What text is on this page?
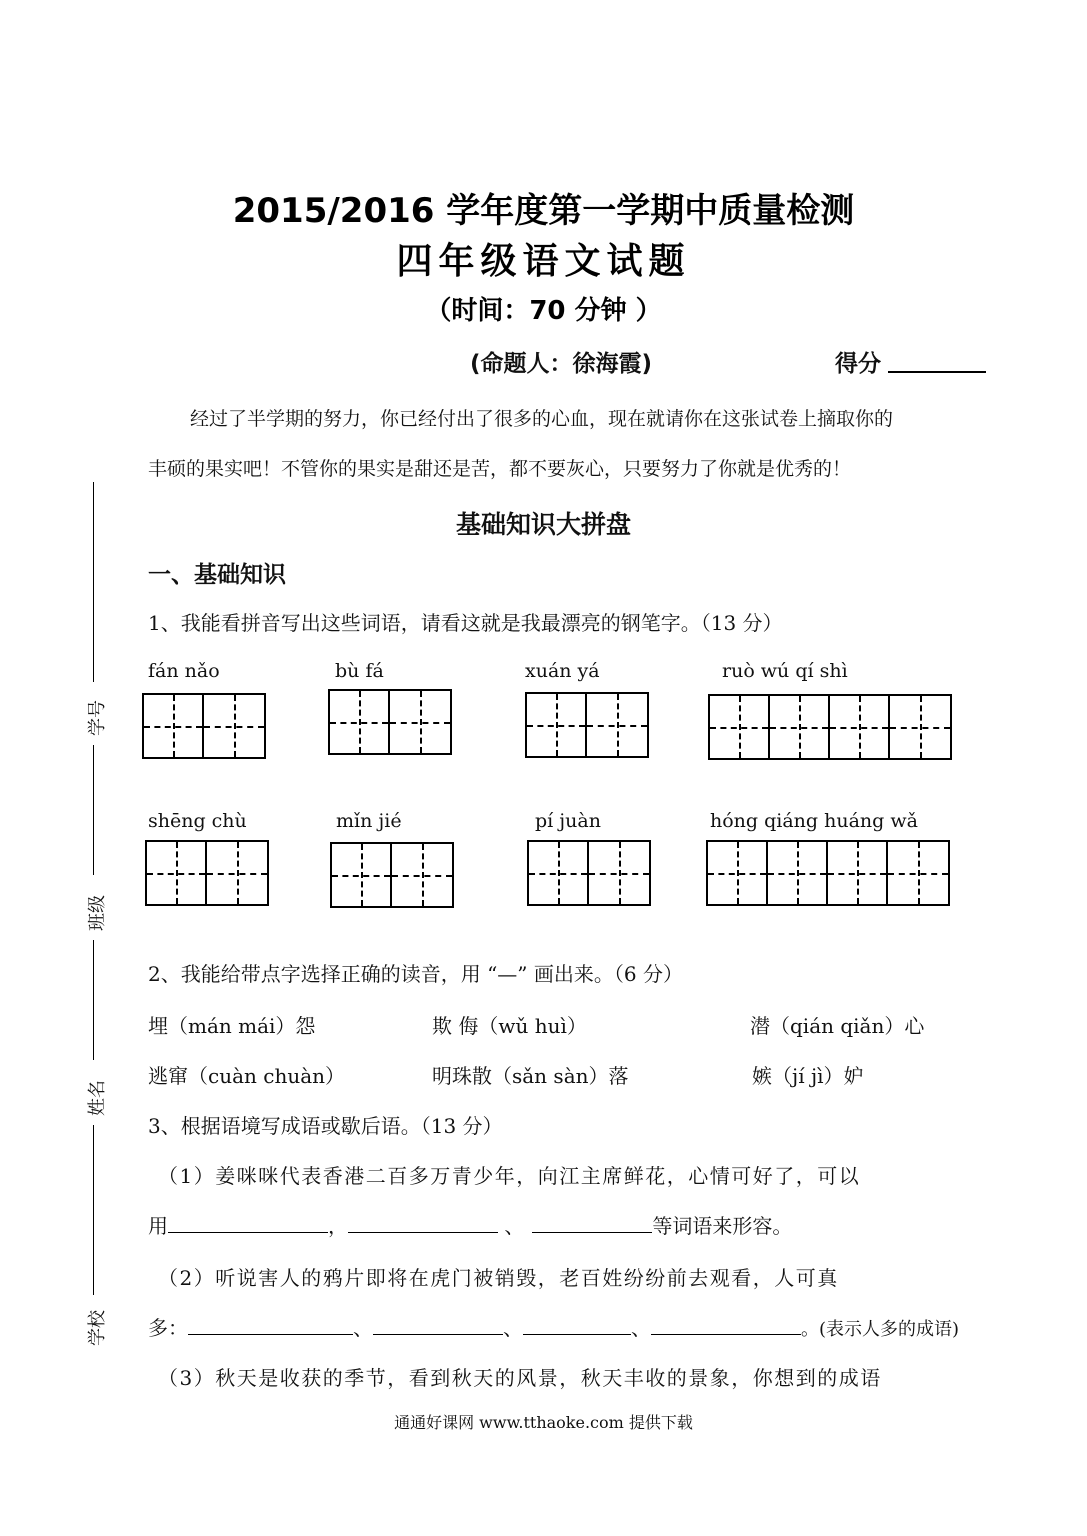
学号
班级
姓名
学校
2015/2016 学年度第一学期中质量检测
四年级语文试题
（时间：70 分钟 ）
(命题人：徐海霞)	得分
经过了半学期的努力，你已经付出了很多的心血，现在就请你在这张试卷上摘取你的
丰硕的果实吧！不管你的果实是甜还是苦，都不要灰心，只要努力了你就是优秀的！
基础知识大拼盘
一、基础知识
1、我能看拼音写出这些词语，请看这就是我最漂亮的钢笔字。（13 分）
fán nǎo	bù fá	xuán yá	ruò wú qí shì
shēng chù	mǐn jié	pí juàn	hóng qiáng huáng wǎ
2、我能给带点字选择正确的读音，用 “—” 画出来。（6 分）
埋（mán mái）怨	欺 侮（wǔ huì）	潜（qián qiǎn）心
逃窜（cuàn chuàn）	明珠散（sǎn sàn）落	嫉（jí jì）妒
3、根据语境写成语或歇后语。（13 分）
（1）姜咪咪代表香港二百多万青少年，向江主席鲜花，心情可好了，可以
用	，	、	等词语来形容。
（2）听说害人的鸦片即将在虎门被销毁，老百姓纷纷前去观看，人可真
多：	、	、	、	。(表示人多的成语)
（3）秋天是收获的季节，看到秋天的风景，秋天丰收的景象，你想到的成语
通通好课网 www.tthaoke.com 提供下载
